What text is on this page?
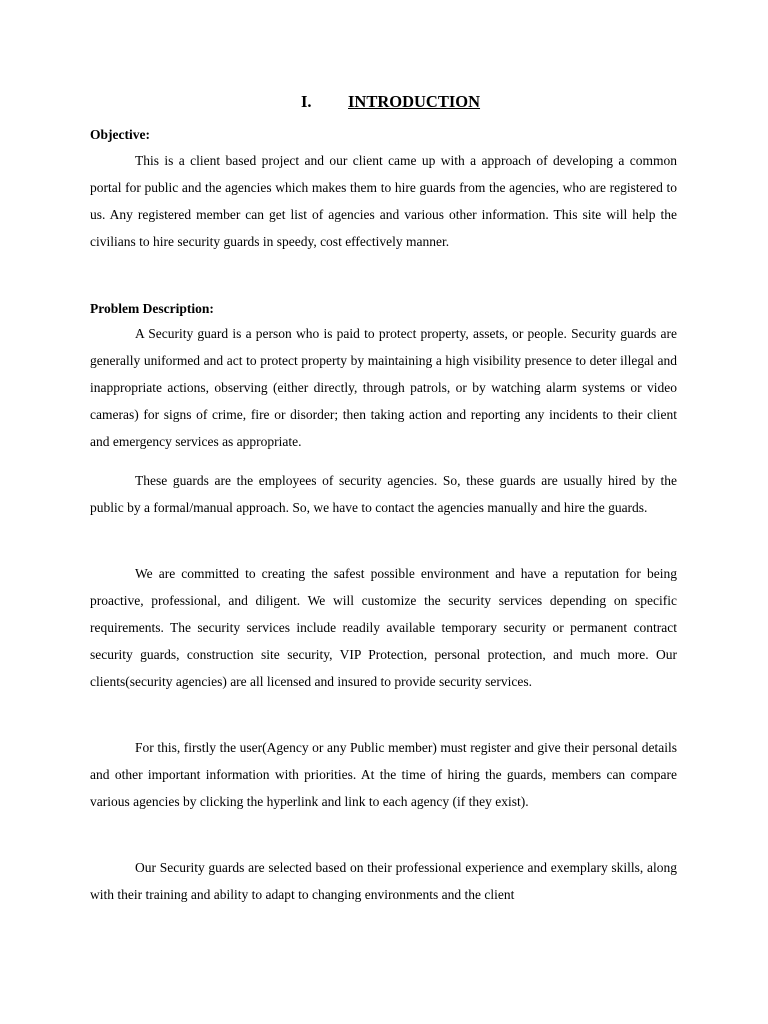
I. INTRODUCTION
Objective:
This is a client based project and our client came up with a approach of developing a common portal for public and the agencies which makes them to hire guards from the agencies, who are registered to us. Any registered member can get list of agencies and various other information. This site will help the civilians to hire security guards in speedy, cost effectively manner.
Problem Description:
A Security guard is a person who is paid to protect property, assets, or people. Security guards are generally uniformed and act to protect property by maintaining a high visibility presence to deter illegal and inappropriate actions, observing (either directly, through patrols, or by watching alarm systems or video cameras) for signs of crime, fire or disorder; then taking action and reporting any incidents to their client and emergency services as appropriate.
These guards are the employees of security agencies. So, these guards are usually hired by the public by a formal/manual approach. So, we have to contact the agencies manually and hire the guards.
We are committed to creating the safest possible environment and have a reputation for being proactive, professional, and diligent. We will customize the security services depending on specific requirements. The security services include readily available temporary security or permanent contract security guards, construction site security, VIP Protection, personal protection, and much more. Our clients(security agencies) are all licensed and insured to provide security services.
For this, firstly the user(Agency or any Public member) must register and give their personal details and other important information with priorities. At the time of hiring the guards, members can compare various agencies by clicking the hyperlink and link to each agency (if they exist).
Our Security guards are selected based on their professional experience and exemplary skills, along with their training and ability to adapt to changing environments and the client
